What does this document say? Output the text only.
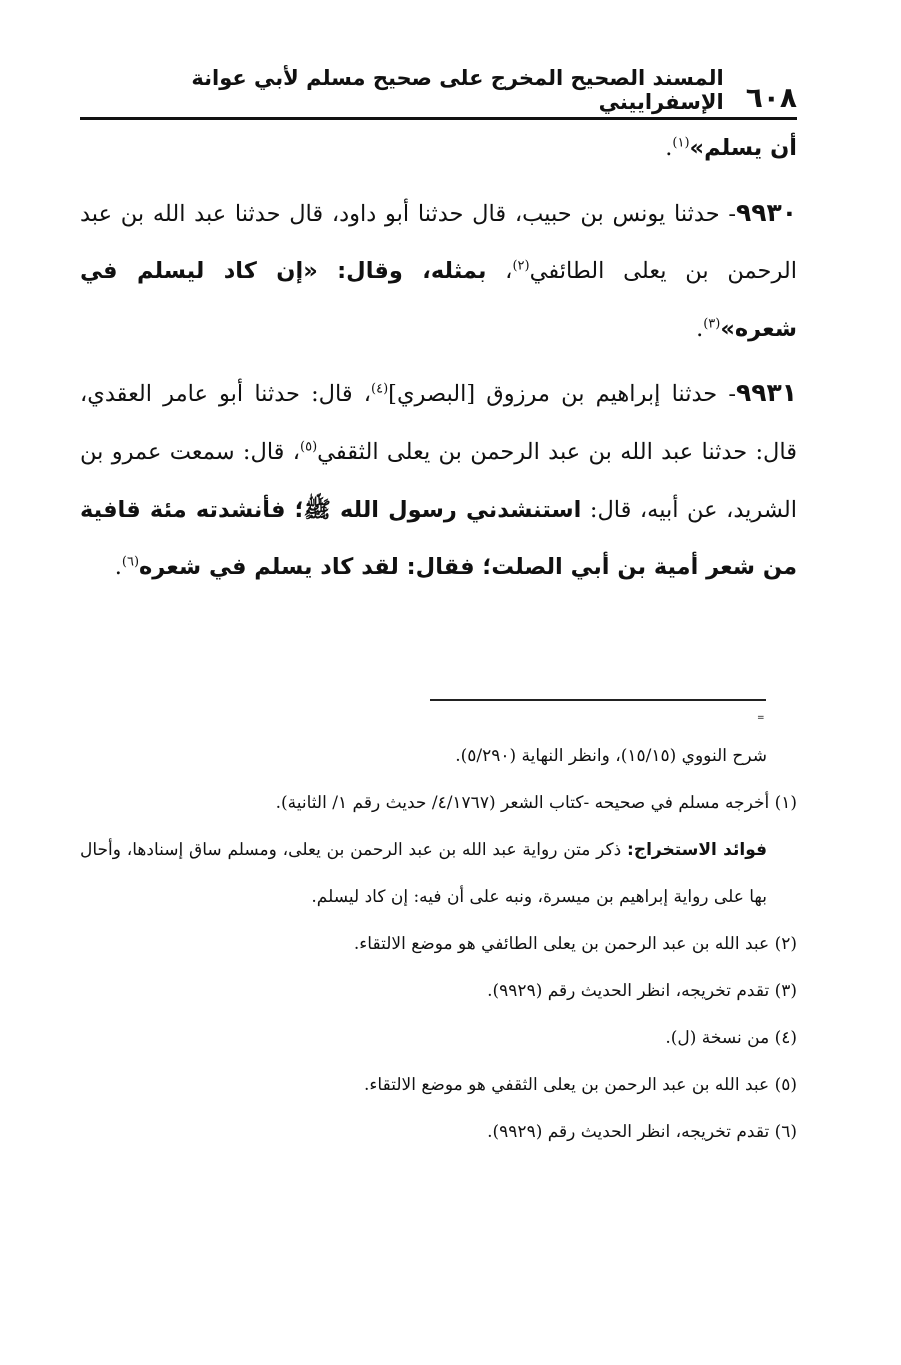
٦٠٨
المسند الصحيح المخرج على صحيح مسلم لأبي عوانة الإسفراييني

أن يسلم»$^{(١)}$.

٩٩٣٠- حدثنا يونس بن حبيب، قال حدثنا أبو داود، قال حدثنا عبد الله بن عبد الرحمن بن يعلى الطائفي$^{(٢)}$، بمثله، وقال: «إن كاد ليسلم في شعره»$^{(٣)}$.

٩٩٣١- حدثنا إبراهيم بن مرزوق [البصري]$^{(٤)}$، قال: حدثنا أبو عامر العقدي، قال: حدثنا عبد الله بن عبد الرحمن بن يعلى الثقفي$^{(٥)}$، قال: سمعت عمرو بن الشريد، عن أبيه، قال: استنشدني رسول الله ﷺ؛ فأنشدته مئة قافية من شعر أمية بن أبي الصلت؛ فقال: لقد كاد يسلم في شعره$^{(٦)}$.

=

شرح النووي (١٥/١٥)، وانظر النهاية (٥/٢٩٠).

(١) أخرجه مسلم في صحيحه -كتاب الشعر (٤/١٧٦٧/ حديث رقم ١/ الثانية).

فوائد الاستخراج: ذكر متن رواية عبد الله بن عبد الرحمن بن يعلى، ومسلم ساق إسنادها، وأحال بها على رواية إبراهيم بن ميسرة، ونبه على أن فيه: إن كاد ليسلم.

(٢) عبد الله بن عبد الرحمن بن يعلى الطائفي هو موضع الالتقاء.

(٣) تقدم تخريجه، انظر الحديث رقم (٩٩٢٩).

(٤) من نسخة (ل).

(٥) عبد الله بن عبد الرحمن بن يعلى الثقفي هو موضع الالتقاء.

(٦) تقدم تخريجه، انظر الحديث رقم (٩٩٢٩).
